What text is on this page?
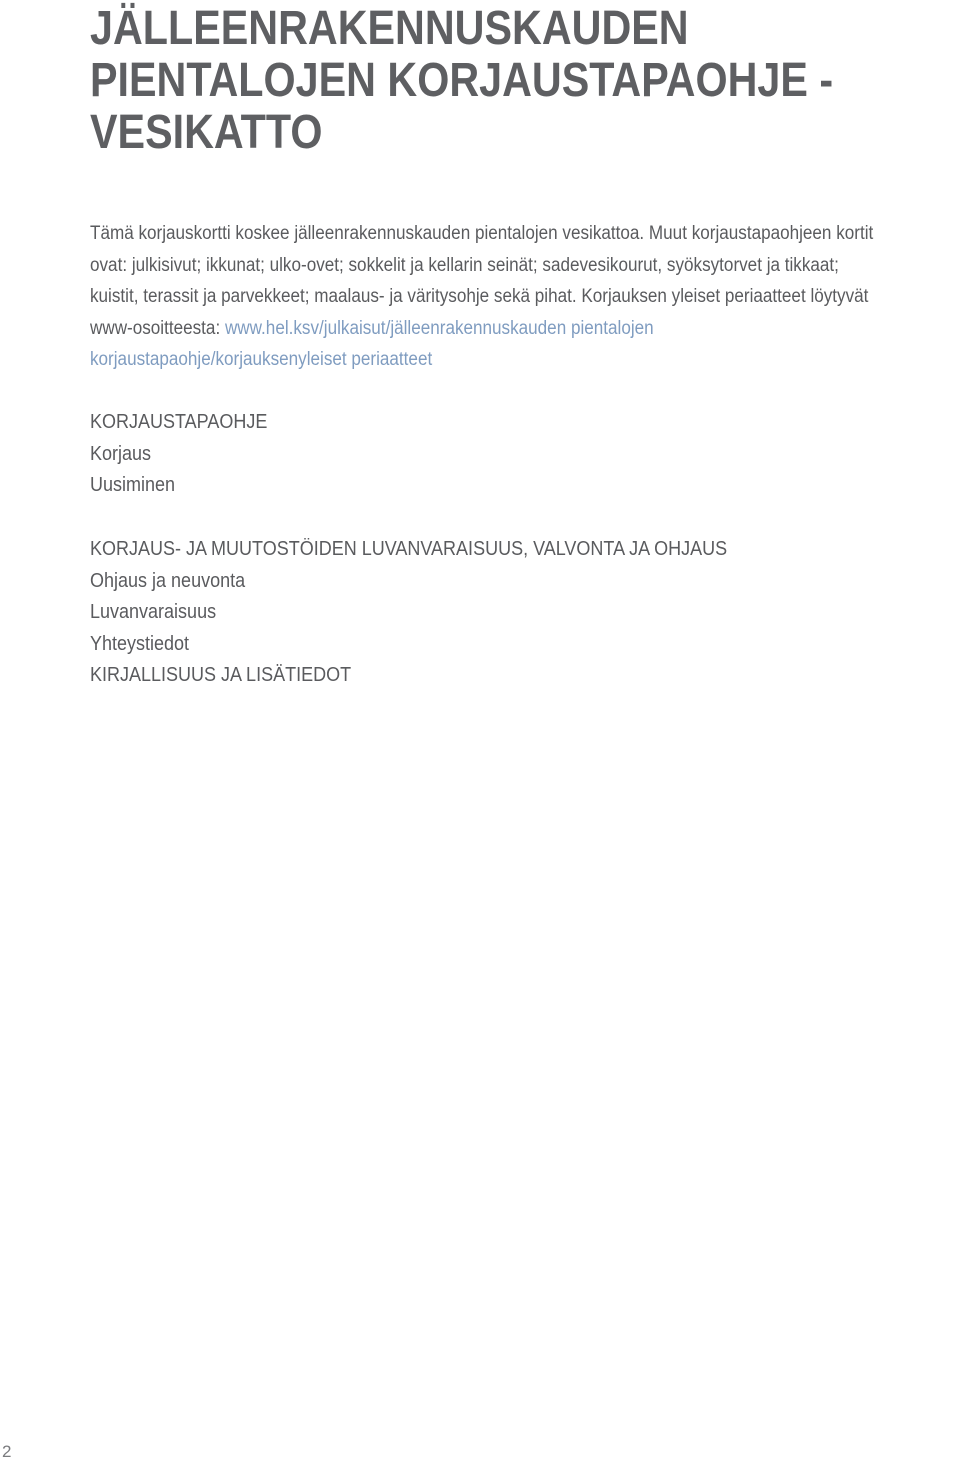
JÄLLEENRAKENNUSKAUDEN
PIENTALOJEN KORJAUSTAPAOHJE -
VESIKATTO

Tämä korjauskortti koskee jälleenrakennuskauden pientalojen vesikattoa. Muut korjaustapaohjeen kortit ovat: julkisivut; ikkunat; ulko-ovet; sokkelit ja kellarin seinät; sadevesikourut, syöksytorvet ja tikkaat; kuistit, terassit ja parvekkeet; maalaus- ja väritysohje sekä pihat. Korjauksen yleiset periaatteet löytyvät www-osoitteesta: www.hel.ksv/julkaisut/jälleenrakennuskauden pientalojen korjaustapaohje/korjauksenyleiset periaatteet

KORJAUSTAPAOHJE
Korjaus
Uusiminen
KORJAUS- JA MUUTOSTÖIDEN LUVANVARAISUUS, VALVONTA JA OHJAUS
Ohjaus ja neuvonta
Luvanvaraisuus
Yhteystiedot
KIRJALLISUUS JA LISÄTIEDOT
2
